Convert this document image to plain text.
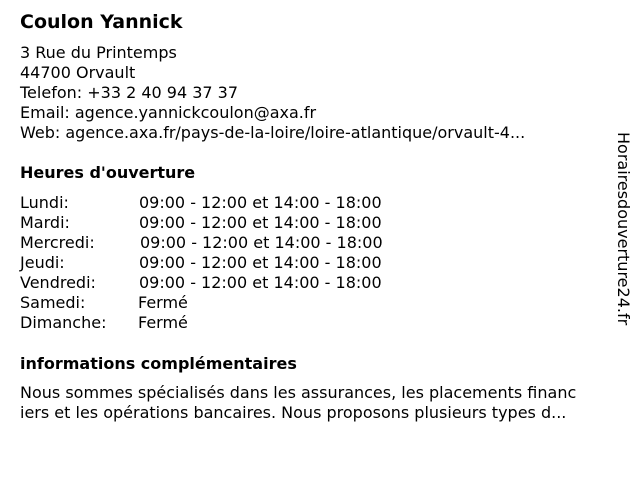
Coulon Yannick
3 Rue du Printemps
44700 Orvault
Telefon: +33 2 40 94 37 37
Email: agence.yannickcoulon@axa.fr
Web: agence.axa.fr/pays-de-la-loire/loire-atlantique/orvault-4...
Heures d'ouverture
Lundi:	09:00 - 12:00 et 14:00 - 18:00
Mardi:	09:00 - 12:00 et 14:00 - 18:00
Mercredi:	09:00 - 12:00 et 14:00 - 18:00
Jeudi:	09:00 - 12:00 et 14:00 - 18:00
Vendredi:	09:00 - 12:00 et 14:00 - 18:00
Samedi:	Fermé
Dimanche: Fermé
informations complémentaires
Nous sommes spécialisés dans les assurances, les placements financ
iers et les opérations bancaires. Nous proposons plusieurs types d...
Horairesdouverture24.fr
